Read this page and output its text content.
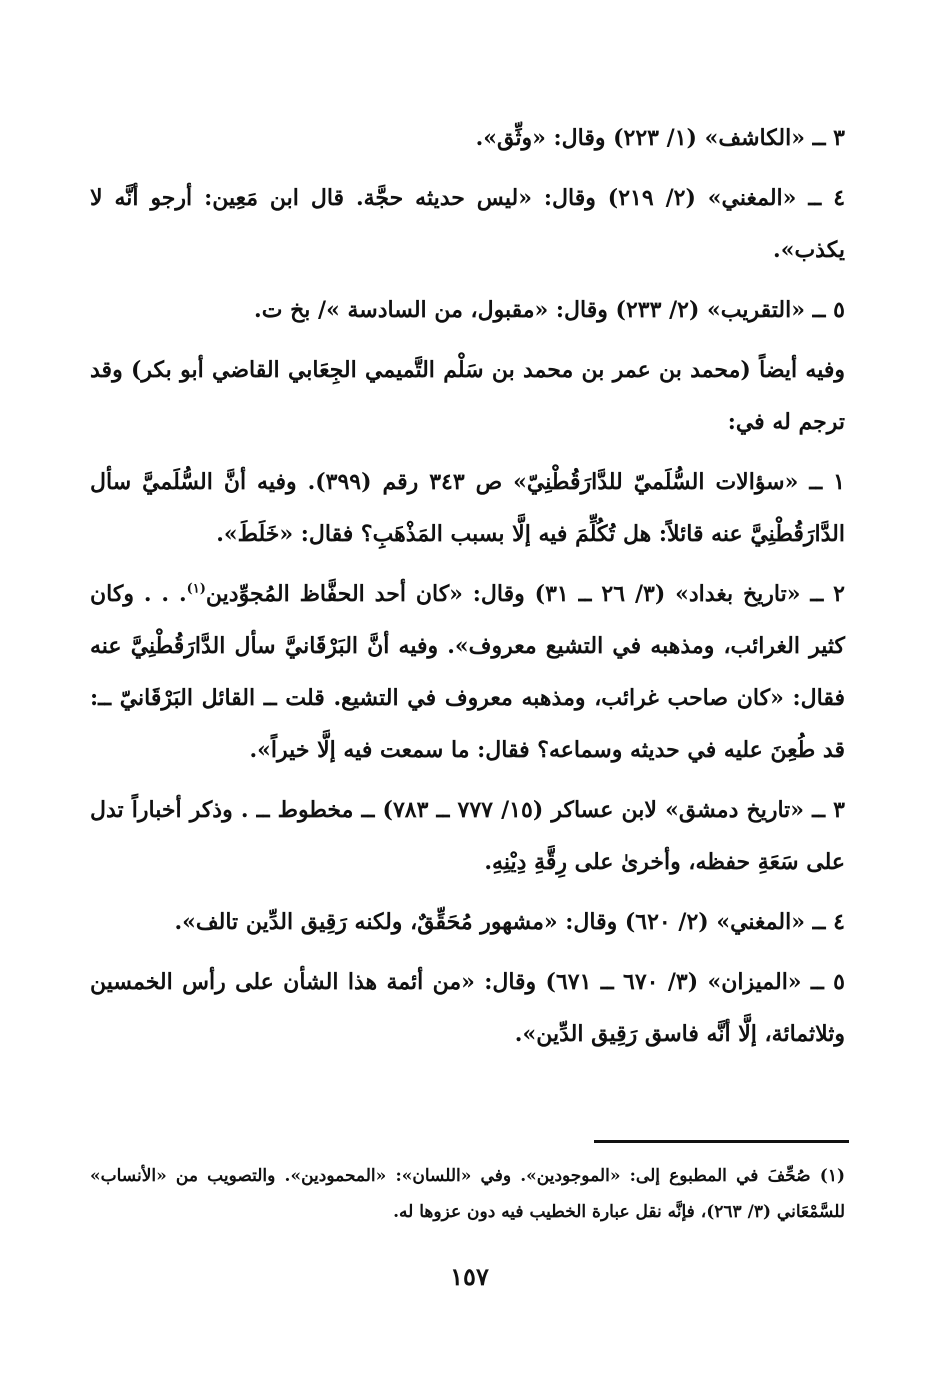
٣ ــ «الكاشف» (١/ ٢٢٣) وقال: «وثِّق».

٤ ــ «المغني» (٢/ ٢١٩) وقال: «ليس حديثه حجَّة. قال ابن مَعِين: أرجو أنَّه لا يكذب».

٥ ــ «التقريب» (٢/ ٢٣٣) وقال: «مقبول، من السادسة »/ بخ ت.

وفيه أيضاً (محمد بن عمر بن محمد بن سَلْم التَّميمي الجِعَابي القاضي أبو بكر) وقد ترجم له في:

١ ــ «سؤالات السُّلَميّ للدَّارَقُطْنِيّ» ص ٣٤٣ رقم (٣٩٩). وفيه أنَّ السُّلَميَّ سأل الدَّارَقُطْنِيَّ عنه قائلاً: هل تُكُلِّمَ فيه إلَّا بسبب المَذْهَبِ؟ فقال: «خَلَطَ».

٢ ــ «تاريخ بغداد» (٣/ ٢٦ ــ ٣١) وقال: «كان أحد الحفَّاظ المُجوِّدين$^{(١)}$. . . وكان كثير الغرائب، ومذهبه في التشيع معروف». وفيه أنَّ البَرْقَانيَّ سأل الدَّارَقُطْنِيَّ عنه فقال: «كان صاحب غرائب، ومذهبه معروف في التشيع. قلت ــ القائل البَرْقَانيّ ــ: قد طُعِنَ عليه في حديثه وسماعه؟ فقال: ما سمعت فيه إلَّا خيراً».

٣ ــ «تاريخ دمشق» لابن عساكر (١٥/ ٧٧٧ ــ ٧٨٣) ــ مخطوط ــ . وذكر أخباراً تدل على سَعَةِ حفظه، وأخرىٰ على رِقَّةِ دِيْنِهِ.

٤ ــ «المغني» (٢/ ٦٢٠) وقال: «مشهور مُحَقِّقٌ، ولكنه رَقِيق الدِّين تالف».

٥ ــ «الميزان» (٣/ ٦٧٠ ــ ٦٧١) وقال: «من أئمة هذا الشأن على رأس الخمسين وثلاثمائة، إلَّا أنَّه فاسق رَقِيق الدِّين».

(١) صُحِّفَ في المطبوع إلى: «الموجودين». وفي «اللسان»: «المحمودين». والتصويب من «الأنساب» للسَّمْعَاني (٣/ ٢٦٣)، فإنَّه نقل عبارة الخطيب فيه دون عزوها له.
١٥٧
